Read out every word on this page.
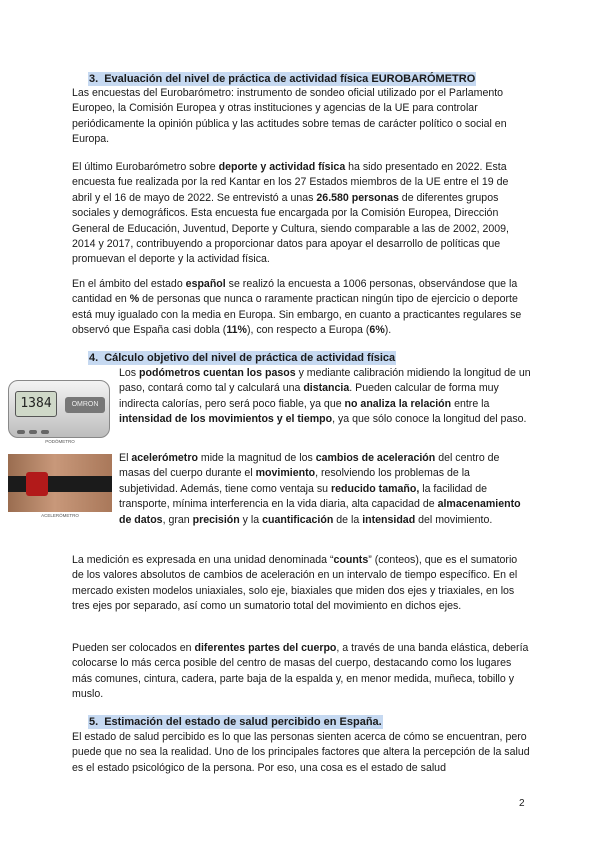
3. Evaluación del nivel de práctica de actividad física EUROBARÓMETRO

Las encuestas del Eurobarómetro: instrumento de sondeo oficial utilizado por el Parlamento Europeo, la Comisión Europea y otras instituciones y agencias de la UE para controlar periódicamente la opinión pública y las actitudes sobre temas de carácter político o social en Europa.

El último Eurobarómetro sobre deporte y actividad física ha sido presentado en 2022. Esta encuesta fue realizada por la red Kantar en los 27 Estados miembros de la UE entre el 19 de abril y el 16 de mayo de 2022. Se entrevistó a unas 26.580 personas de diferentes grupos sociales y demográficos. Esta encuesta fue encargada por la Comisión Europea, Dirección General de Educación, Juventud, Deporte y Cultura, siendo comparable a las de 2002, 2009, 2014 y 2017, contribuyendo a proporcionar datos para apoyar el desarrollo de políticas que promuevan el deporte y la actividad física.

En el ámbito del estado español se realizó la encuesta a 1006 personas, observándose que la cantidad en % de personas que nunca o raramente practican ningún tipo de ejercicio o deporte está muy igualado con la media en Europa. Sin embargo, en cuanto a practicantes regulares se observó que España casi dobla (11%), con respecto a Europa (6%).

4. Cálculo objetivo del nivel de práctica de actividad física
1384	OMRON
PODÓMETRO
ACELERÓMETRO

Los podómetros cuentan los pasos y mediante calibración midiendo la longitud de un paso, contará como tal y calculará una distancia. Pueden calcular de forma muy indirecta calorías, pero será poco fiable, ya que no analiza la relación entre la intensidad de los movimientos y el tiempo, ya que sólo conoce la longitud del paso.

El acelerómetro mide la magnitud de los cambios de aceleración del centro de masas del cuerpo durante el movimiento, resolviendo los problemas de la subjetividad. Además, tiene como ventaja su reducido tamaño, la facilidad de transporte, mínima interferencia en la vida diaria, alta capacidad de almacenamiento de datos, gran precisión y la cuantificación de la intensidad del movimiento.

La medición es expresada en una unidad denominada “counts” (conteos), que es el sumatorio de los valores absolutos de cambios de aceleración en un intervalo de tiempo específico. En el mercado existen modelos uniaxiales, solo eje, biaxiales que miden dos ejes y triaxiales, en los tres ejes por separado, así como un sumatorio total del movimiento en dichos ejes.

Pueden ser colocados en diferentes partes del cuerpo, a través de una banda elástica, debería colocarse lo más cerca posible del centro de masas del cuerpo, destacando como los lugares más comunes, cintura, cadera, parte baja de la espalda y, en menor medida, muñeca, tobillo y muslo.

5. Estimación del estado de salud percibido en España.

El estado de salud percibido es lo que las personas sienten acerca de cómo se encuentran, pero puede que no sea la realidad. Uno de los principales factores que altera la percepción de la salud es el estado psicológico de la persona. Por eso, una cosa es el estado de salud

2
